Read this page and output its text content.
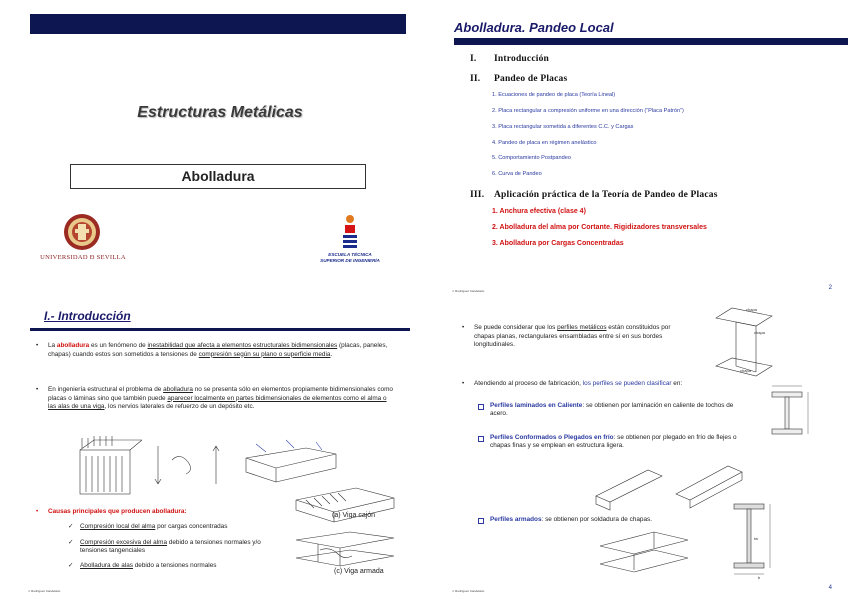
Estructuras Metálicas
Abolladura
UNIVERSIDAD Ð SEVILLA	ESCUELA TÉCNICA
SUPERIOR DE INGENIERÍA
Abolladura. Pandeo Local
I. Introducción
II. Pandeo de Placas
1. Ecuaciones de pandeo de placa (Teoría Lineal)
2. Placa rectangular a compresión uniforme en una dirección (“Placa Patrón”)
3. Placa rectangular sometida a diferentes C.C. y Cargas
4. Pandeo de placa en régimen anelástico
5. Comportamiento Postpandeo
6. Curva de Pandeo
III. Aplicación práctica de la Teoría de Pandeo de Placas
1. Anchura efectiva (clase 4)
2. Abolladura del alma por Cortante. Rigidizadores transversales
3. Abolladura por Cargas Concentradas
J. Rodríguez Candelario	2
I.- Introducción
• La abolladura es un fenómeno de inestabilidad que afecta a elementos estructurales bidimensionales (placas, paneles, chapas) cuando estos son sometidos a tensiones de compresión según su plano o superficie media.
• En ingeniería estructural el problema de abolladura no se presenta sólo en elementos propiamente bidimensionales como placas o láminas sino que también puede aparecer localmente en partes bidimensionales de elementos como el alma o las alas de una viga, los nervios laterales de refuerzo de un depósito etc.
(a) Viga cajón
(c) Viga armada
• Causas principales que producen abolladura:
✓ Compresión local del alma por cargas concentradas
✓ Compresión excesiva del alma debido a tensiones normales y/o tensiones tangenciales
✓ Abolladura de alas debido a tensiones normales
J. Rodríguez Candelario
• Se puede considerar que los perfiles metálicos están constituidos por chapas planas, rectangulares ensambladas entre sí en sus bordes longitudinales.
chapa
chapa
chapa
• Atendiendo al proceso de fabricación, los perfiles se pueden clasificar en:
Perfiles laminados en Caliente: se obtienen por laminación en caliente de tochos de acero.
Perfiles Conformados o Plegados en frío: se obtienen por plegado en frío de flejes o chapas finas y se emplean en estructura ligera.
Perfiles armados: se obtienen por soldadura de chapas.
tw
b
J. Rodríguez Candelario	4
